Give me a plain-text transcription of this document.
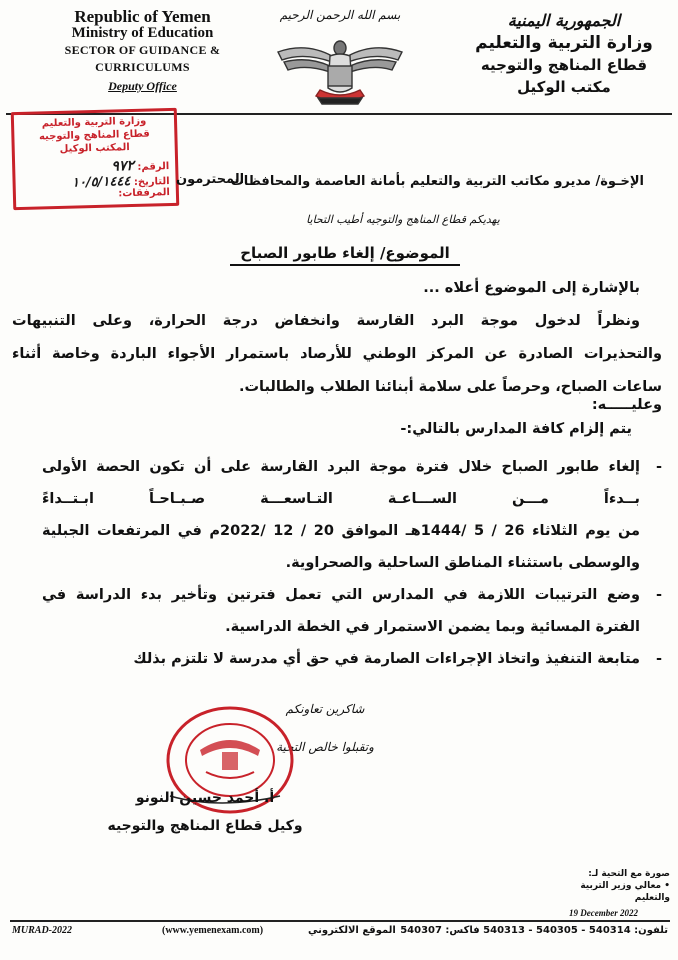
Republic of Yemen
Ministry of Education
SECTOR OF GUIDANCE &
CURRICULUMS
Deputy Office
بسم الله الرحمن الرحيم	الجمهورية اليمنية
وزارة التربية والتعليم
قطاع المناهج والتوجيه
مكتب الوكيل
وزارة التربية والتعليم
قطاع المناهج والتوجيه
المكتب الوكيل
الرقم: ٩٧٢
التاريخ: ١٠/٥/١٤٤٤
المرفقات:
الإخـوة/ مديرو مكاتب التربية والتعليم بأمانة العاصمة والمحافظات
المحترمون
يهديكم قطاع المناهج والتوجيه أطيب التحايا
الموضوع/ إلغاء طابور الصباح
بالإشارة إلى الموضوع أعلاه ...
ونظراً لدخول موجة البرد القارسة وانخفاض درجة الحرارة، وعلى التنبيهات
والتحذيرات الصادرة عن المركز الوطني للأرصاد باستمرار الأجواء الباردة وخاصة أثناء
ساعات الصباح، وحرصاً على سلامة أبنائنا الطلاب والطالبات.
وعليـــــه:
يتم إلزام كافة المدارس بالتالي:-
- إلغاء طابور الصباح خلال فترة موجة البرد القارسة على أن تكون الحصة الأولى
بــدءاً مـــن الســـاعـة التـاسعـــة صـبـاحـاً ابـتــداءً
من يوم الثلاثاء 26 / 5 /1444هـ الموافق 20 / 12 /2022م في المرتفعات الجبلية
والوسطى باستثناء المناطق الساحلية والصحراوية.
- وضع الترتيبات اللازمة في المدارس التي تعمل فترتين وتأخير بدء الدراسة في
الفترة المسائية وبما يضمن الاستمرار في الخطة الدراسية.
- متابعة التنفيذ واتخاذ الإجراءات الصارمة في حق أي مدرسة لا تلتزم بذلك
شاكرين تعاونكم
وتقبلوا خالص التحية
أ. أحمد حسين النونو
وكيل قطاع المناهج والتوجيه
صورة مع التحية لـ:
• معالي وزير التربية والتعليم
19 December 2022
MURAD-2022	(www.yemenexam.com)	الموقع الالكتروني تلفون: 540314 - 540305 - 540313 فاكس: 540307
